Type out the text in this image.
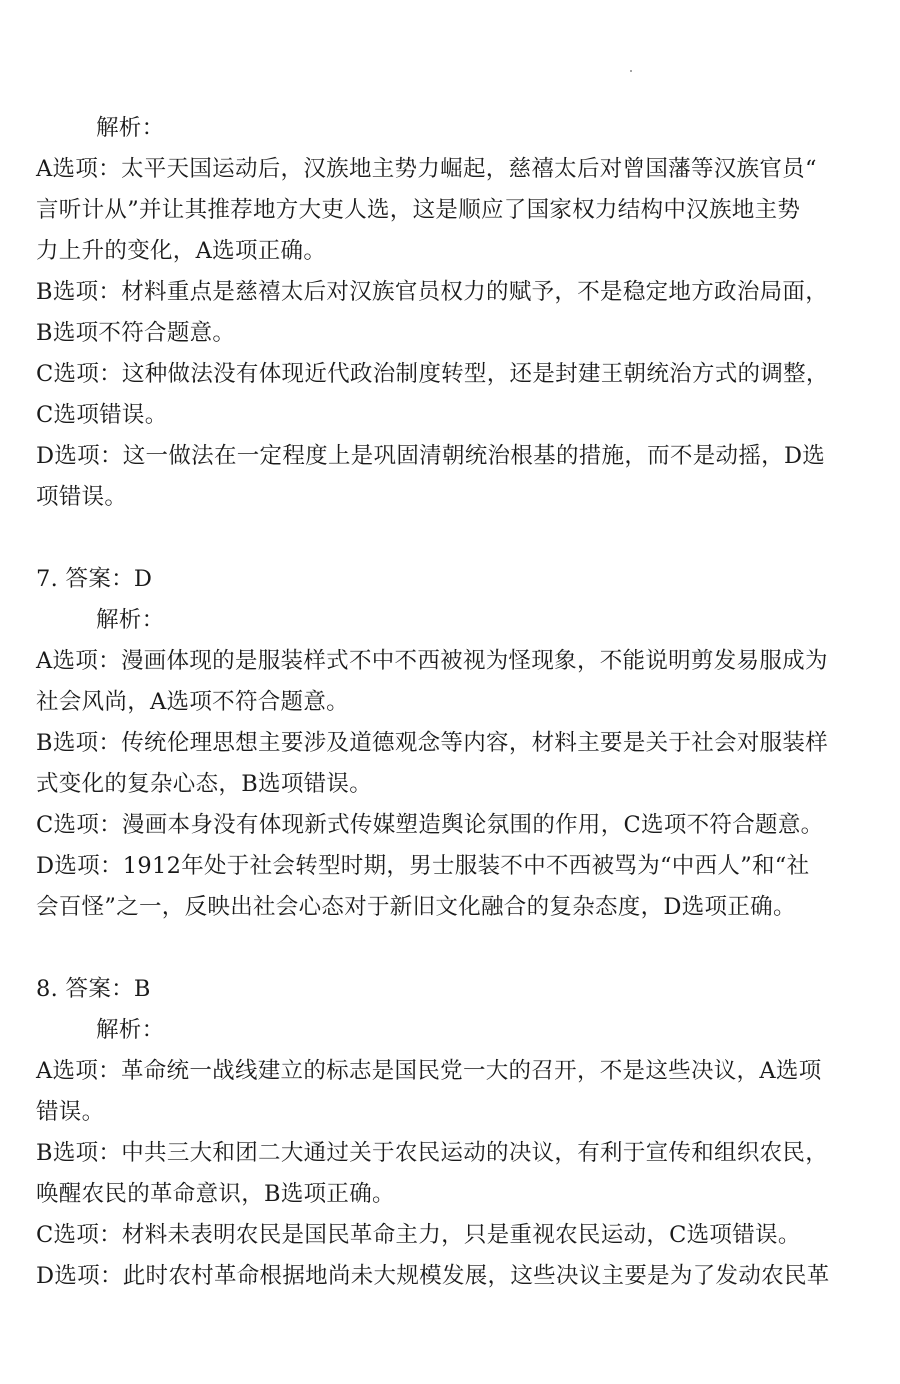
解析：
A选项：太平天国运动后，汉族地主势力崛起，慈禧太后对曾国藩等汉族官员“
言听计从”并让其推荐地方大吏人选，这是顺应了国家权力结构中汉族地主势
力上升的变化，A选项正确。
B选项：材料重点是慈禧太后对汉族官员权力的赋予，不是稳定地方政治局面，
B选项不符合题意。
C选项：这种做法没有体现近代政治制度转型，还是封建王朝统治方式的调整，
C选项错误。
D选项：这一做法在一定程度上是巩固清朝统治根基的措施，而不是动摇，D选
项错误。
7. 答案：D
解析：
A选项：漫画体现的是服装样式不中不西被视为怪现象，不能说明剪发易服成为
社会风尚，A选项不符合题意。
B选项：传统伦理思想主要涉及道德观念等内容，材料主要是关于社会对服装样
式变化的复杂心态，B选项错误。
C选项：漫画本身没有体现新式传媒塑造舆论氛围的作用，C选项不符合题意。
D选项：1912年处于社会转型时期，男士服装不中不西被骂为“中西人”和“社
会百怪”之一，反映出社会心态对于新旧文化融合的复杂态度，D选项正确。
8. 答案：B
解析：
A选项：革命统一战线建立的标志是国民党一大的召开，不是这些决议，A选项
错误。
B选项：中共三大和团二大通过关于农民运动的决议，有利于宣传和组织农民，
唤醒农民的革命意识，B选项正确。
C选项：材料未表明农民是国民革命主力，只是重视农民运动，C选项错误。
D选项：此时农村革命根据地尚未大规模发展，这些决议主要是为了发动农民革
